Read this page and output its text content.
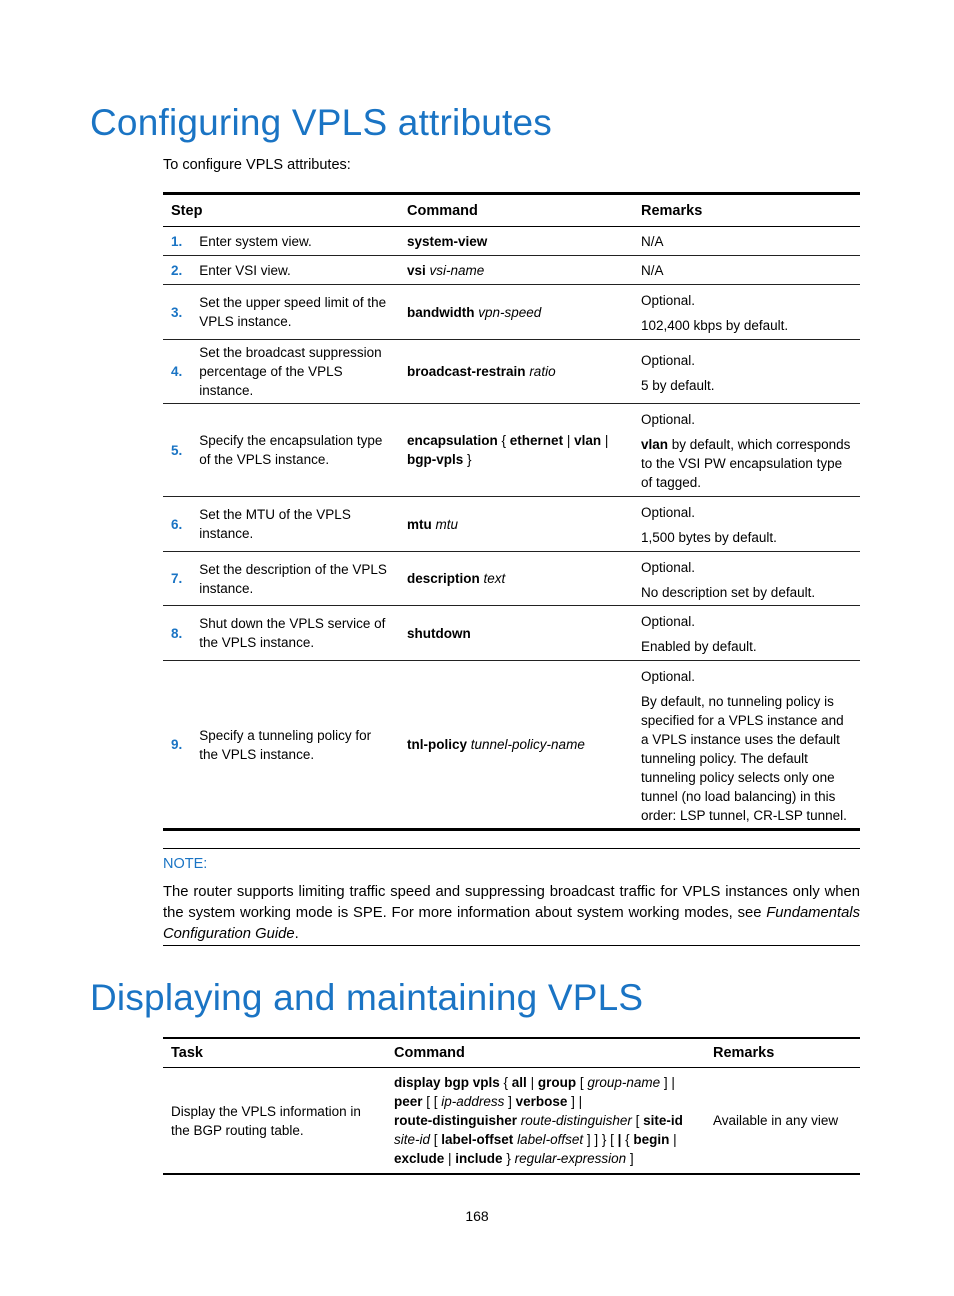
Configuring VPLS attributes
To configure VPLS attributes:
Step		Command	Remarks
1.	Enter system view.	system-view	N/A
2.	Enter VSI view.	vsi vsi-name	N/A
3.	Set the upper speed limit of the VPLS instance.	bandwidth vpn-speed	Optional.

102,400 kbps by default.

4.	Set the broadcast suppression percentage of the VPLS instance.	broadcast-restrain ratio	Optional.

5 by default.

5.	Specify the encapsulation type of the VPLS instance.	encapsulation { ethernet | vlan | bgp-vpls }	Optional.

vlan by default, which corresponds to the VSI PW encapsulation type of tagged.

6.	Set the MTU of the VPLS instance.	mtu mtu	Optional.

1,500 bytes by default.

7.	Set the description of the VPLS instance.	description text	Optional.

No description set by default.

8.	Shut down the VPLS service of the VPLS instance.	shutdown	Optional.

Enabled by default.

9.	Specify a tunneling policy for the VPLS instance.	tnl-policy tunnel-policy-name	Optional.

By default, no tunneling policy is specified for a VPLS instance and a VPLS instance uses the default tunneling policy. The default tunneling policy selects only one tunnel (no load balancing) in this order: LSP tunnel, CR-LSP tunnel.

NOTE:
The router supports limiting traffic speed and suppressing broadcast traffic for VPLS instances only when the system working mode is SPE. For more information about system working modes, see Fundamentals Configuration Guide.
Displaying and maintaining VPLS
Task	Command	Remarks
Display the VPLS information in the BGP routing table.	display bgp vpls { all | group [ group-name ] |
peer [ [ ip-address ] verbose ] |
route-distinguisher route-distinguisher [ site-id
site-id [ label-offset label-offset ] ] } [ | { begin |
exclude | include } regular-expression ]	Available in any view
168
